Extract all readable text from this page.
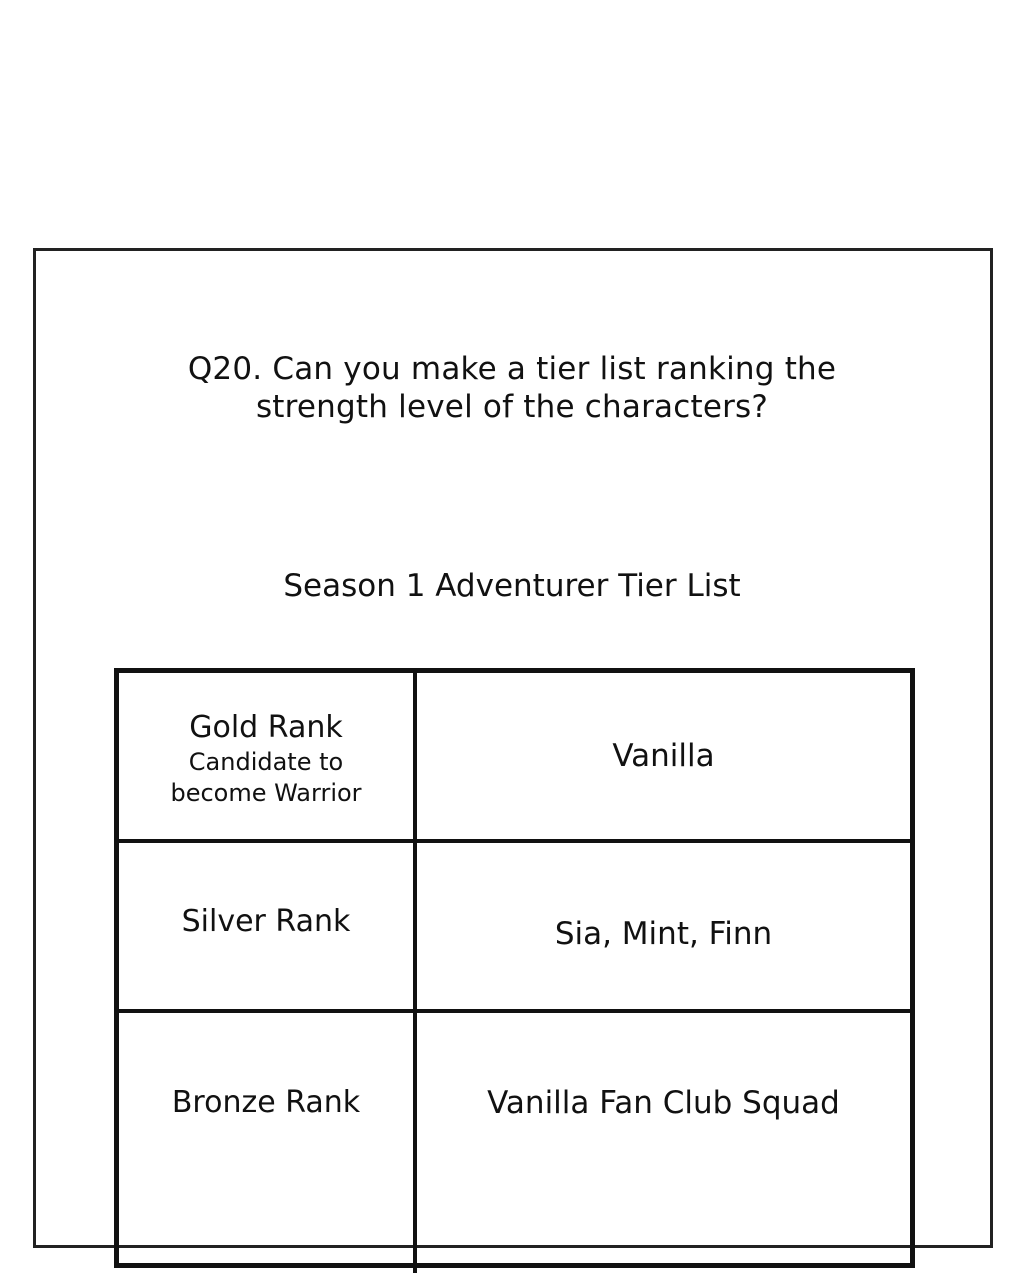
Q20. Can you make a tier list ranking the
strength level of the characters?
Season 1 Adventurer Tier List
Gold Rank
Candidate to
become Warrior
Vanilla
Silver Rank	Sia, Mint, Finn
Bronze Rank	Vanilla Fan Club Squad
